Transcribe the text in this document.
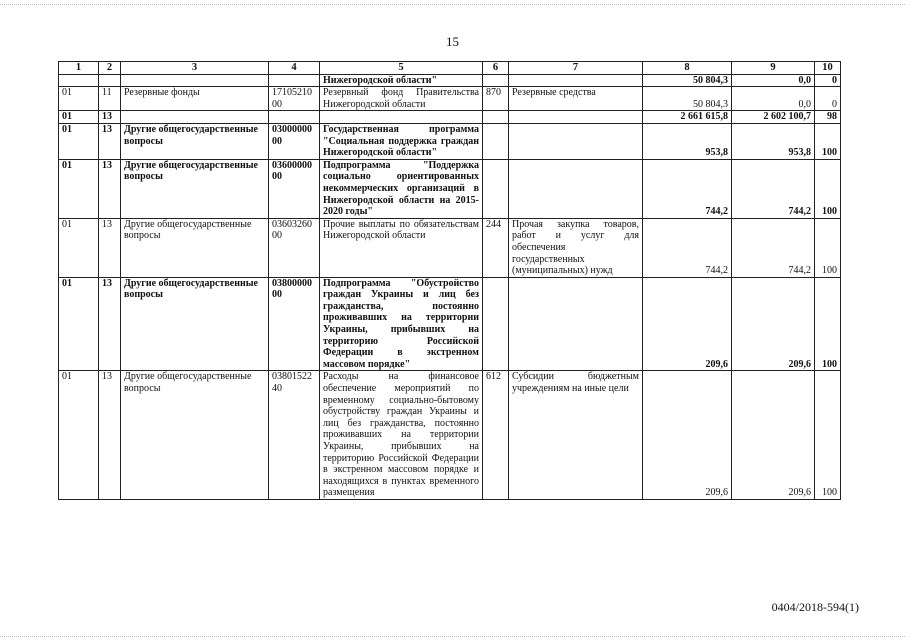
15
1	2	3	4	5	6	7	8	9	10
				Нижегородской области"			50 804,3	0,0	0
01	11	Резервные фонды	1710521000	Резервный фонд Правительства Нижегородской области	870	Резервные средства	50 804,3	0,0	0
01	13						2 661 615,8	2 602 100,7	98
01	13	Другие общегосударственные вопросы	0300000000	Государственная программа "Социальная поддержка граждан Нижегородской области"			953,8	953,8	100
01	13	Другие общегосударственные вопросы	0360000000	Подпрограмма "Поддержка социально ориентированных некоммерческих организаций в Нижегородской области на 2015-2020 годы"			744,2	744,2	100
01	13	Другие общегосударственные вопросы	0360326000	Прочие выплаты по обязательствам Нижегородской области	244	Прочая закупка товаров, работ и услуг для обеспечения государственных (муниципальных) нужд	744,2	744,2	100
01	13	Другие общегосударственные вопросы	0380000000	Подпрограмма "Обустройство граждан Украины и лиц без гражданства, постоянно проживавших на территории Украины, прибывших на территорию Российской Федерации в экстренном массовом порядке"			209,6	209,6	100
01	13	Другие общегосударственные вопросы	0380152240	Расходы на финансовое обеспечение мероприятий по временному социально-бытовому обустройству граждан Украины и лиц без гражданства, постоянно проживавших на территории Украины, прибывших на территорию Российской Федерации в экстренном массовом порядке и находящихся в пунктах временного размещения	612	Субсидии бюджетным учреждениям на иные цели	209,6	209,6	100
0404/2018-594(1)
